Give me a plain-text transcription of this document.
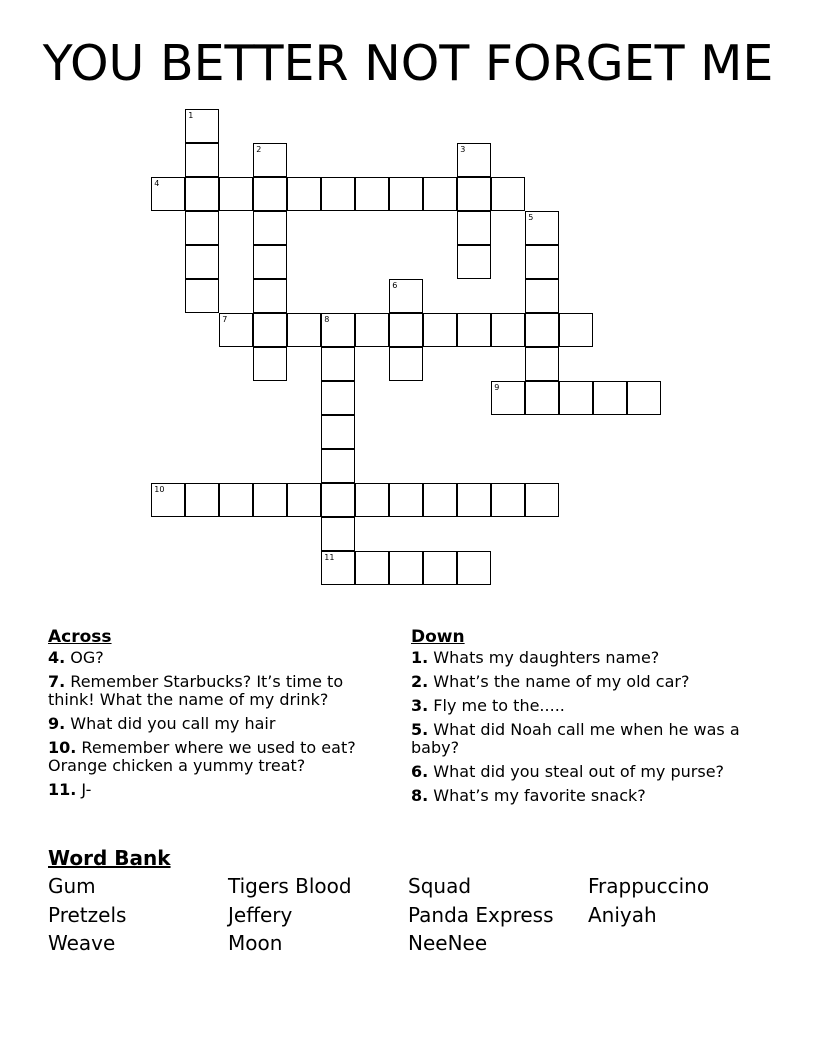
YOU BETTER NOT FORGET ME
1
2	3
4
5
6
7	8
11
9
10
Across
4. OG?
7. Remember Starbucks? It’s time to think! What the name of my drink?
9. What did you call my hair
10. Remember where we used to eat? Orange chicken a yummy treat?
11. J-
Down
1. Whats my daughters name?
2. What’s the name of my old car?
3. Fly me to the.....
5. What did Noah call me when he was a baby?
6. What did you steal out of my purse?
8. What’s my favorite snack?
Word Bank
Gum	Tigers Blood	Squad	Frappuccino
Pretzels	Jeffery	Panda Express	Aniyah
Weave	Moon	NeeNee
